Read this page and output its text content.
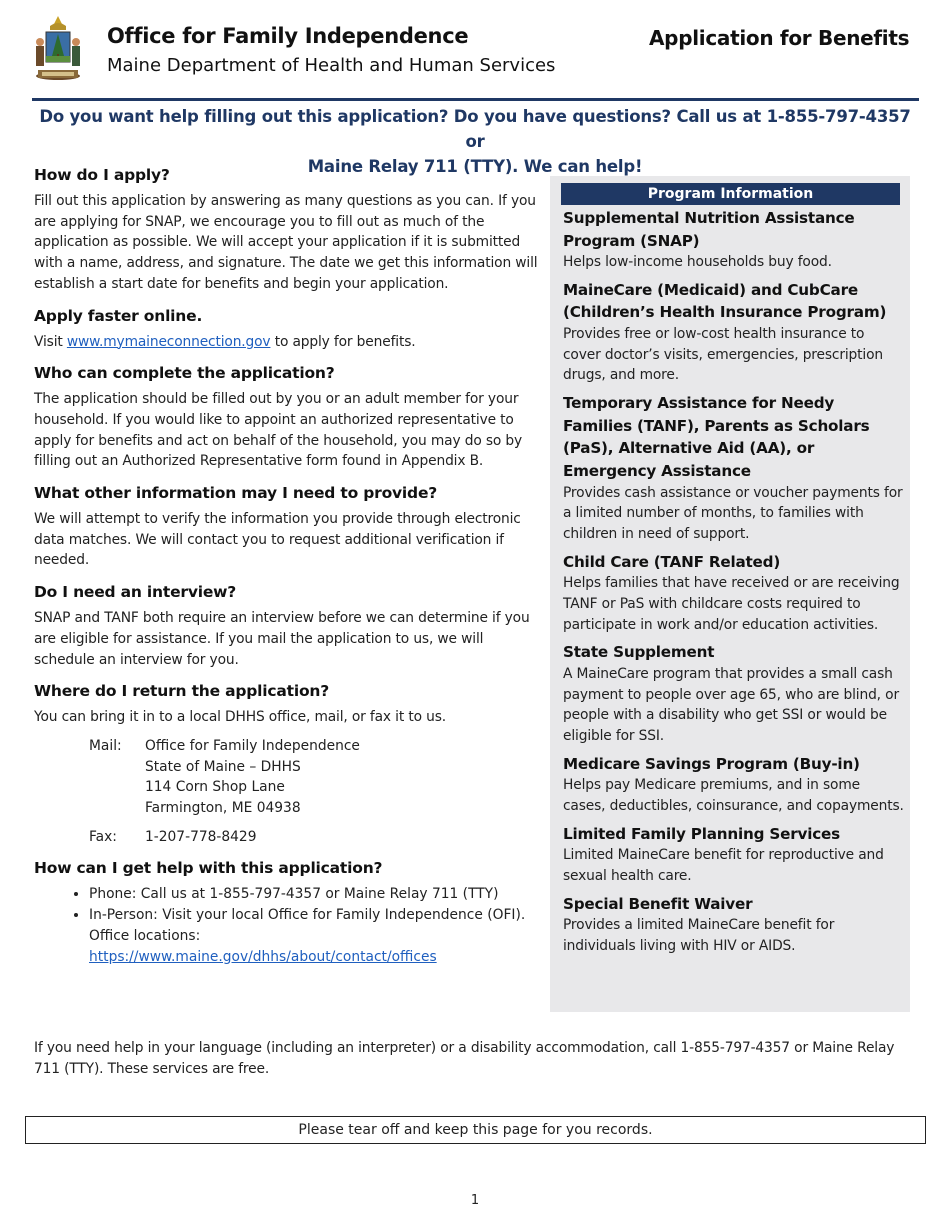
Office for Family Independence
Maine Department of Health and Human Services
Application for Benefits
Do you want help filling out this application? Do you have questions? Call us at 1-855-797-4357 or
Maine Relay 711 (TTY). We can help!
How do I apply?

Fill out this application by answering as many questions as you can. If you are applying for SNAP, we encourage you to fill out as much of the application as possible. We will accept your application if it is submitted with a name, address, and signature. The date we get this information will establish a start date for benefits and begin your application.

Apply faster online.

Visit www.mymaineconnection.gov to apply for benefits.

Who can complete the application?

The application should be filled out by you or an adult member for your household. If you would like to appoint an authorized representative to apply for benefits and act on behalf of the household, you may do so by filling out an Authorized Representative form found in Appendix B.

What other information may I need to provide?

We will attempt to verify the information you provide through electronic data matches. We will contact you to request additional verification if needed.

Do I need an interview?

SNAP and TANF both require an interview before we can determine if you are eligible for assistance. If you mail the application to us, we will schedule an interview for you.

Where do I return the application?

You can bring it in to a local DHHS office, mail, or fax it to us.

Mail:	Office for Family Independence
State of Maine – DHHS
114 Corn Shop Lane
Farmington, ME 04938
Fax:	1-207-778-8429
How can I get help with this application?
• Phone: Call us at 1-855-797-4357 or Maine Relay 711 (TTY)
• In-Person: Visit your local Office for Family Independence (OFI). Office locations:
https://www.maine.gov/dhhs/about/contact/offices
Program Information
Supplemental Nutrition Assistance Program (SNAP)

Helps low-income households buy food.

MaineCare (Medicaid) and CubCare (Children’s Health Insurance Program)

Provides free or low-cost health insurance to cover doctor’s visits, emergencies, prescription drugs, and more.

Temporary Assistance for Needy Families (TANF), Parents as Scholars (PaS), Alternative Aid (AA), or Emergency Assistance

Provides cash assistance or voucher payments for a limited number of months, to families with children in need of support.

Child Care (TANF Related)

Helps families that have received or are receiving TANF or PaS with childcare costs required to participate in work and/or education activities.

State Supplement

A MaineCare program that provides a small cash payment to people over age 65, who are blind, or people with a disability who get SSI or would be eligible for SSI.

Medicare Savings Program (Buy-in)

Helps pay Medicare premiums, and in some cases, deductibles, coinsurance, and copayments.

Limited Family Planning Services

Limited MaineCare benefit for reproductive and sexual health care.

Special Benefit Waiver

Provides a limited MaineCare benefit for individuals living with HIV or AIDS.

If you need help in your language (including an interpreter) or a disability accommodation, call 1-855-797-4357 or Maine Relay 711 (TTY). These services are free.
Please tear off and keep this page for you records.
1
